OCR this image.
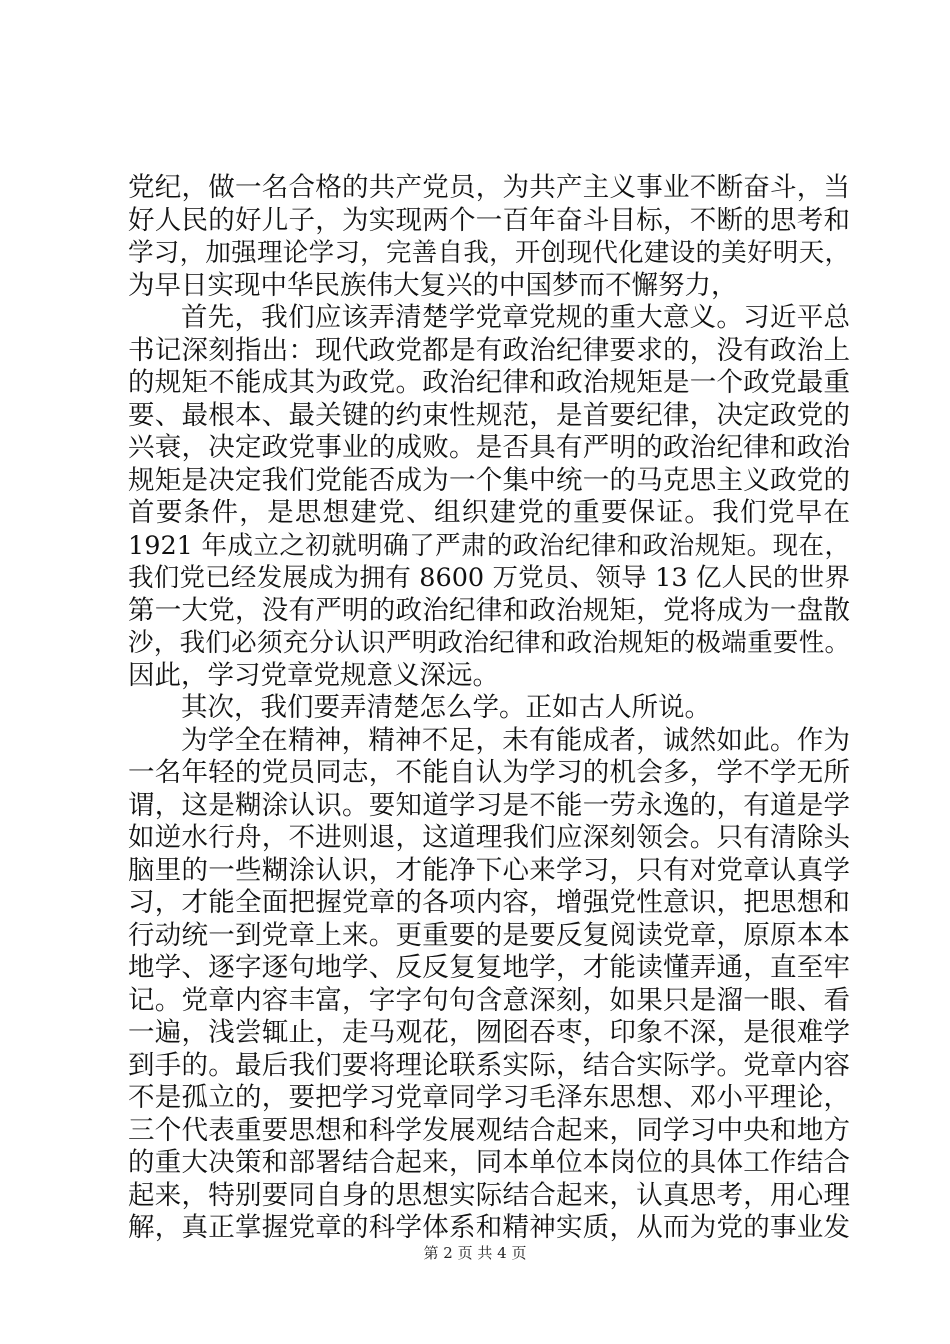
党纪，做一名合格的共产党员，为共产主义事业不断奋斗，当
好人民的好儿子，为实现两个一百年奋斗目标，不断的思考和
学习，加强理论学习，完善自我，开创现代化建设的美好明天，
为早日实现中华民族伟大复兴的中国梦而不懈努力，
首先，我们应该弄清楚学党章党规的重大意义。习近平总
书记深刻指出：现代政党都是有政治纪律要求的，没有政治上
的规矩不能成其为政党。政治纪律和政治规矩是一个政党最重
要、最根本、最关键的约束性规范，是首要纪律，决定政党的
兴衰，决定政党事业的成败。是否具有严明的政治纪律和政治
规矩是决定我们党能否成为一个集中统一的马克思主义政党的
首要条件，是思想建党、组织建党的重要保证。我们党早在
1921 年成立之初就明确了严肃的政治纪律和政治规矩。现在，
我们党已经发展成为拥有 8600 万党员、领导 13 亿人民的世界
第一大党，没有严明的政治纪律和政治规矩，党将成为一盘散
沙，我们必须充分认识严明政治纪律和政治规矩的极端重要性。
因此，学习党章党规意义深远。
其次，我们要弄清楚怎么学。正如古人所说。
为学全在精神，精神不足，未有能成者，诚然如此。作为
一名年轻的党员同志，不能自认为学习的机会多，学不学无所
谓，这是糊涂认识。要知道学习是不能一劳永逸的，有道是学
如逆水行舟，不进则退，这道理我们应深刻领会。只有清除头
脑里的一些糊涂认识，才能净下心来学习，只有对党章认真学
习，才能全面把握党章的各项内容，增强党性意识，把思想和
行动统一到党章上来。更重要的是要反复阅读党章，原原本本
地学、逐字逐句地学、反反复复地学，才能读懂弄通，直至牢
记。党章内容丰富，字字句句含意深刻，如果只是溜一眼、看
一遍，浅尝辄止，走马观花，囫囵吞枣，印象不深，是很难学
到手的。最后我们要将理论联系实际，结合实际学。党章内容
不是孤立的，要把学习党章同学习毛泽东思想、邓小平理论，
三个代表重要思想和科学发展观结合起来，同学习中央和地方
的重大决策和部署结合起来，同本单位本岗位的具体工作结合
起来，特别要同自身的思想实际结合起来，认真思考，用心理
解，真正掌握党章的科学体系和精神实质，从而为党的事业发
第 2 页 共 4 页
